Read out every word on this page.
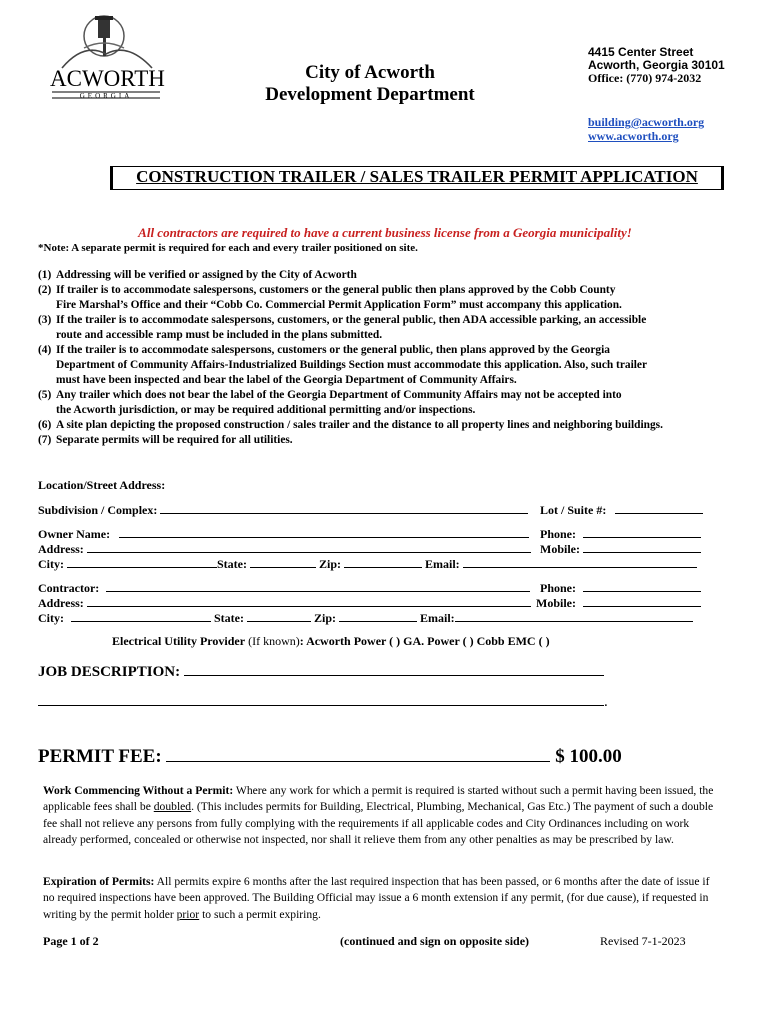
ACWORTH
GEORGIA
City of Acworth
Development Department
4415 Center Street
Acworth, Georgia 30101
Office: (770) 974-2032
building@acworth.org
www.acworth.org
CONSTRUCTION TRAILER / SALES TRAILER PERMIT APPLICATION
All contractors are required to have a current business license from a Georgia municipality!
*Note: A separate permit is required for each and every trailer positioned on site.
(1) Addressing will be verified or assigned by the City of Acworth
(2) If trailer is to accommodate salespersons, customers or the general public then plans approved by the Cobb County
Fire Marshal’s Office and their “Cobb Co. Commercial Permit Application Form” must accompany this application.
(3) If the trailer is to accommodate salespersons, customers, or the general public, then ADA accessible parking, an accessible
route and accessible ramp must be included in the plans submitted.
(4) If the trailer is to accommodate salespersons, customers or the general public, then plans approved by the Georgia
Department of Community Affairs-Industrialized Buildings Section must accommodate this application. Also, such trailer
must have been inspected and bear the label of the Georgia Department of Community Affairs.
(5) Any trailer which does not bear the label of the Georgia Department of Community Affairs may not be accepted into
the Acworth jurisdiction, or may be required additional permitting and/or inspections.
(6) A site plan depicting the proposed construction / sales trailer and the distance to all property lines and neighboring buildings.
(7) Separate permits will be required for all utilities.
Location/Street Address:
Subdivision / Complex:	Lot / Suite #:
Owner Name:	Phone:
Address:	Mobile:
City:	State:	Zip:	Email:
Contractor:	Phone:
Address:	Mobile:
City:	State:	Zip:	Email:
Electrical Utility Provider (If known): Acworth Power ( ) GA. Power ( ) Cobb EMC ( )
JOB DESCRIPTION:
.
PERMIT FEE:	$ 100.00
Work Commencing Without a Permit: Where any work for which a permit is required is started without such a permit having been issued, the applicable fees shall be doubled. (This includes permits for Building, Electrical, Plumbing, Mechanical, Gas Etc.) The payment of such a double fee shall not relieve any persons from fully complying with the requirements if all applicable codes and City Ordinances including on work already performed, concealed or otherwise not inspected, nor shall it relieve them from any other penalties as may be prescribed by law.
Expiration of Permits: All permits expire 6 months after the last required inspection that has been passed, or 6 months after the date of issue if no required inspections have been approved. The Building Official may issue a 6 month extension if any permit, (for due cause), if requested in writing by the permit holder prior to such a permit expiring.
Page 1 of 2	(continued and sign on opposite side)	Revised 7-1-2023
